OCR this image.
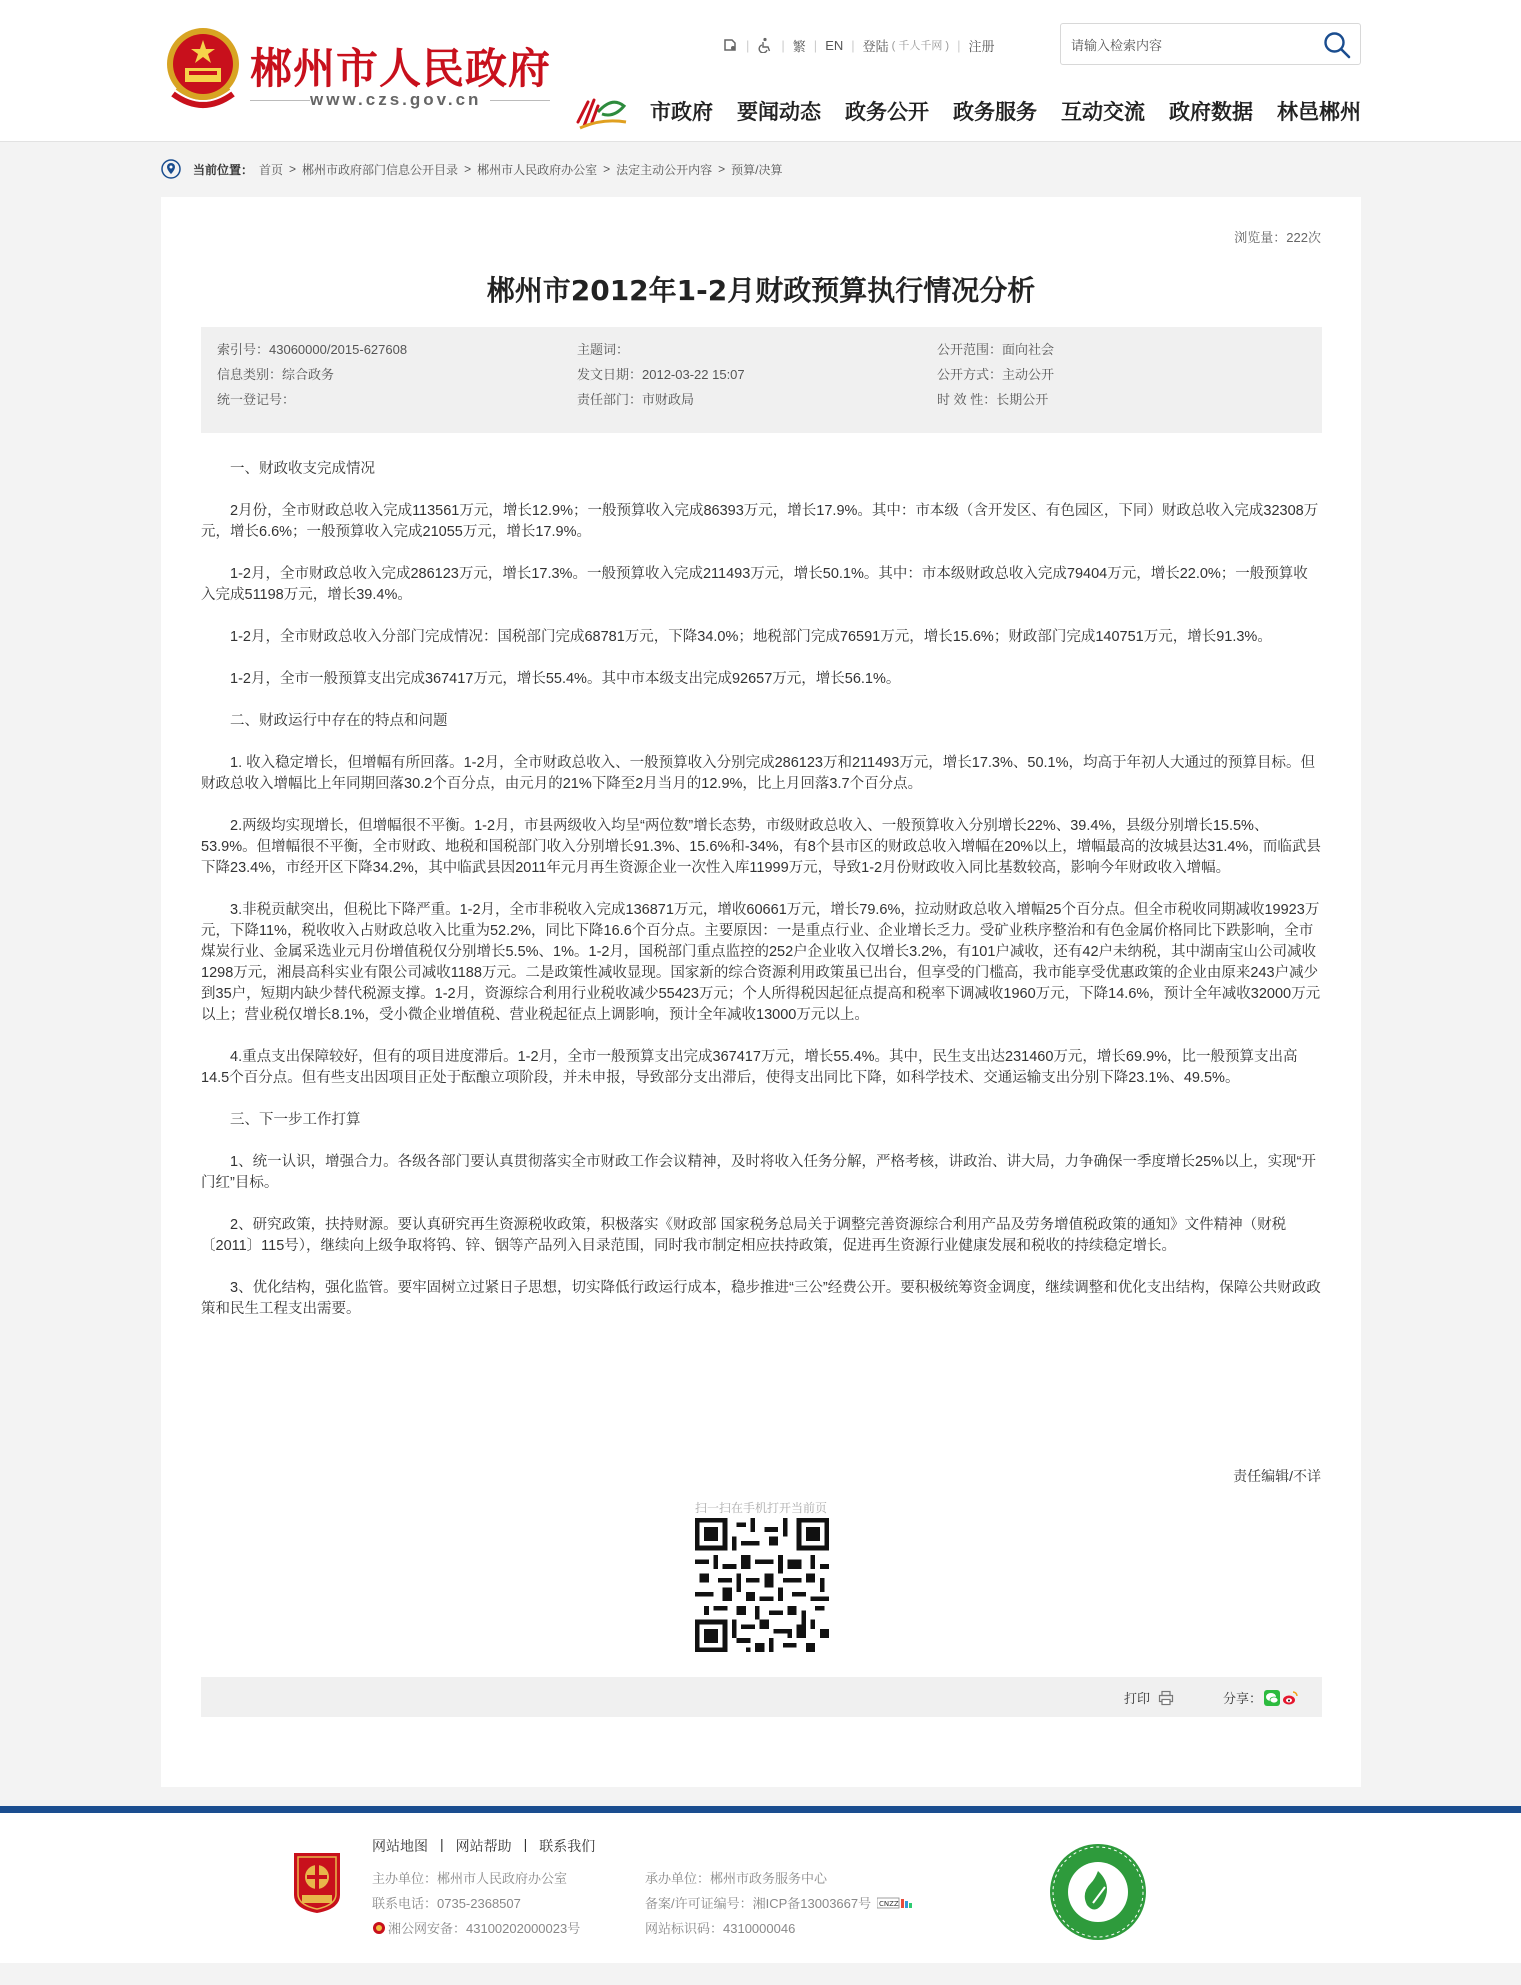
郴州市人民政府
www.czs.gov.cn
| | 繁 | EN | 登陆 ( 千人千网 ) | 注册
请输入检索内容
市政府 要闻动态 政务公开 政务服务 互动交流 政府数据 林邑郴州
当前位置： 首页 > 郴州市政府部门信息公开目录 > 郴州市人民政府办公室 > 法定主动公开内容 > 预算/决算
浏览量：222次
郴州市2012年1-2月财政预算执行情况分析
索引号：43060000/2015-627608	主题词：	公开范围：面向社会
信息类别：综合政务	发文日期：2012-03-22 15:07	公开方式：主动公开
统一登记号：	责任部门：市财政局	时 效 性：长期公开

一、财政收支完成情况

2月份，全市财政总收入完成113561万元，增长12.9%；一般预算收入完成86393万元，增长17.9%。其中：市本级（含开发区、有色园区，下同）财政总收入完成32308万元，增长6.6%；一般预算收入完成21055万元，增长17.9%。

1-2月，全市财政总收入完成286123万元，增长17.3%。一般预算收入完成211493万元，增长50.1%。其中：市本级财政总收入完成79404万元，增长22.0%；一般预算收入完成51198万元，增长39.4%。

1-2月，全市财政总收入分部门完成情况：国税部门完成68781万元，下降34.0%；地税部门完成76591万元，增长15.6%；财政部门完成140751万元，增长91.3%。

1-2月，全市一般预算支出完成367417万元，增长55.4%。其中市本级支出完成92657万元，增长56.1%。

二、财政运行中存在的特点和问题

1. 收入稳定增长，但增幅有所回落。1-2月，全市财政总收入、一般预算收入分别完成286123万和211493万元，增长17.3%、50.1%，均高于年初人大通过的预算目标。但财政总收入增幅比上年同期回落30.2个百分点，由元月的21%下降至2月当月的12.9%，比上月回落3.7个百分点。

2.两级均实现增长，但增幅很不平衡。1-2月，市县两级收入均呈“两位数”增长态势，市级财政总收入、一般预算收入分别增长22%、39.4%，县级分别增长15.5%、53.9%。但增幅很不平衡，全市财政、地税和国税部门收入分别增长91.3%、15.6%和-34%，有8个县市区的财政总收入增幅在20%以上，增幅最高的汝城县达31.4%，而临武县下降23.4%，市经开区下降34.2%，其中临武县因2011年元月再生资源企业一次性入库11999万元，导致1-2月份财政收入同比基数较高，影响今年财政收入增幅。

3.非税贡献突出，但税比下降严重。1-2月，全市非税收入完成136871万元，增收60661万元，增长79.6%，拉动财政总收入增幅25个百分点。但全市税收同期减收19923万元，下降11%，税收收入占财政总收入比重为52.2%，同比下降16.6个百分点。主要原因：一是重点行业、企业增长乏力。受矿业秩序整治和有色金属价格同比下跌影响，全市煤炭行业、金属采选业元月份增值税仅分别增长5.5%、1%。1-2月，国税部门重点监控的252户企业收入仅增长3.2%，有101户减收，还有42户未纳税，其中湖南宝山公司减收1298万元，湘晨高科实业有限公司减收1188万元。二是政策性减收显现。国家新的综合资源利用政策虽已出台，但享受的门槛高，我市能享受优惠政策的企业由原来243户减少到35户，短期内缺少替代税源支撑。1-2月，资源综合利用行业税收减少55423万元；个人所得税因起征点提高和税率下调减收1960万元，下降14.6%，预计全年减收32000万元以上；营业税仅增长8.1%，受小微企业增值税、营业税起征点上调影响，预计全年减收13000万元以上。

4.重点支出保障较好，但有的项目进度滞后。1-2月，全市一般预算支出完成367417万元，增长55.4%。其中，民生支出达231460万元，增长69.9%，比一般预算支出高14.5个百分点。但有些支出因项目正处于酝酿立项阶段，并未申报，导致部分支出滞后，使得支出同比下降，如科学技术、交通运输支出分别下降23.1%、49.5%。

三、下一步工作打算

1、统一认识，增强合力。各级各部门要认真贯彻落实全市财政工作会议精神，及时将收入任务分解，严格考核，讲政治、讲大局，力争确保一季度增长25%以上，实现“开门红”目标。

2、研究政策，扶持财源。要认真研究再生资源税收政策，积极落实《财政部 国家税务总局关于调整完善资源综合利用产品及劳务增值税政策的通知》文件精神（财税〔2011〕115号），继续向上级争取将钨、锌、铟等产品列入目录范围，同时我市制定相应扶持政策，促进再生资源行业健康发展和税收的持续稳定增长。

3、优化结构，强化监管。要牢固树立过紧日子思想，切实降低行政运行成本，稳步推进“三公”经费公开。要积极统筹资金调度，继续调整和优化支出结构，保障公共财政政策和民生工程支出需要。

责任编辑/不详
扫一扫在手机打开当前页
打印	分享：
网站地图 | 网站帮助 | 联系我们
主办单位：郴州市人民政府办公室
联系电话：0735-2368507
湘公网安备：43100202000023号
承办单位：郴州市政务服务中心
备案/许可证编号：湘ICP备13003667号 CNZZ
网站标识码：4310000046
